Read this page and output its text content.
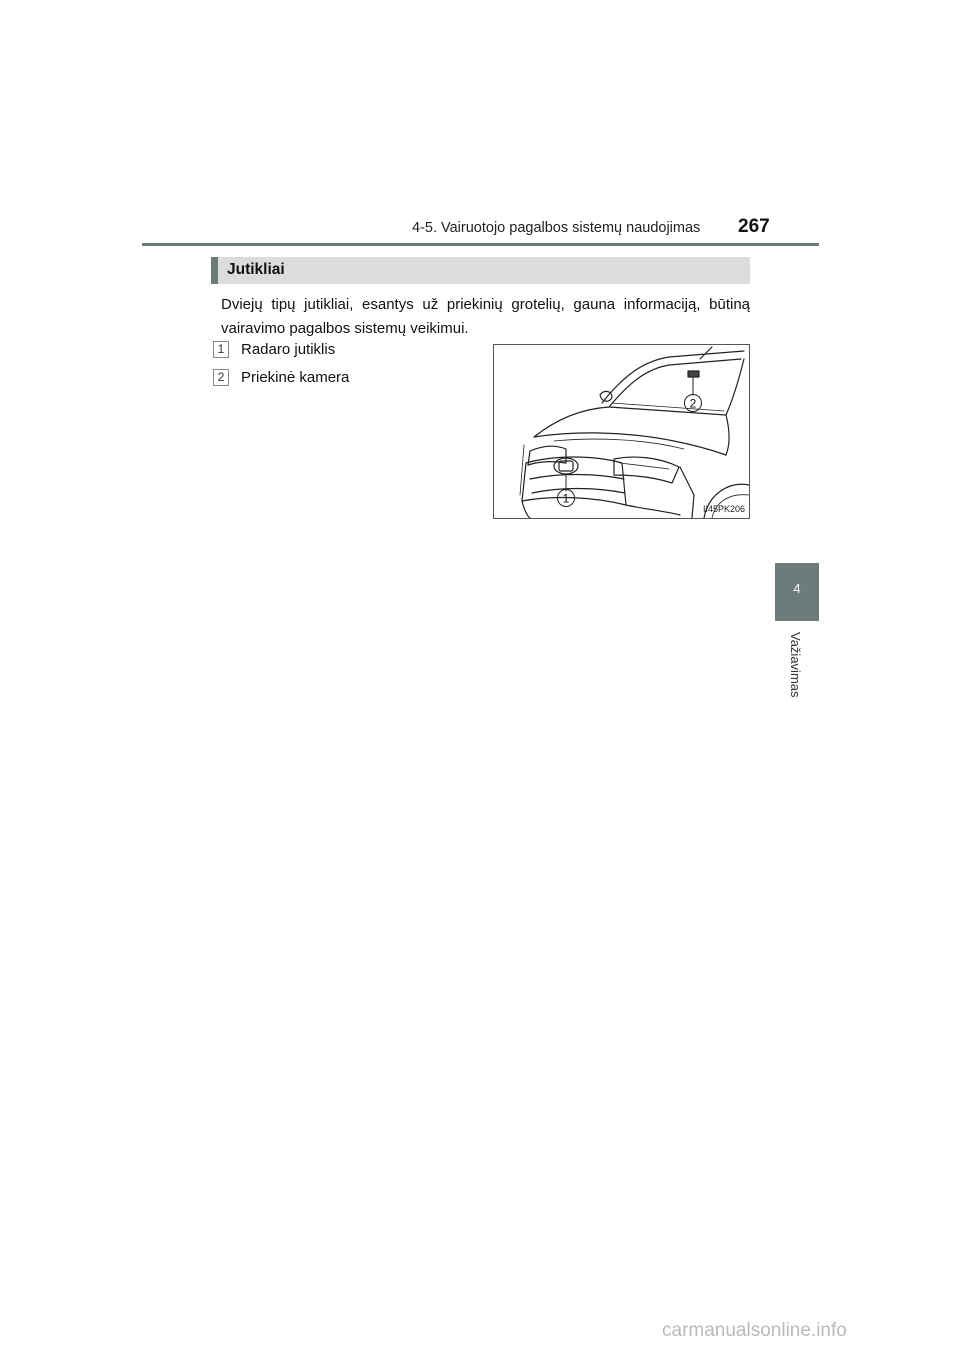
4-5. Vairuotojo pagalbos sistemų naudojimas 267
Jutikliai
Dviejų tipų jutikliai, esantys už priekinių grotelių, gauna informaciją, būtiną vairavimo pagalbos sistemų veikimui.
1 Radaro jutiklis
2 Priekinė kamera
2
1
II45PK206
4
Važiavimas
carmanualsonline.info
